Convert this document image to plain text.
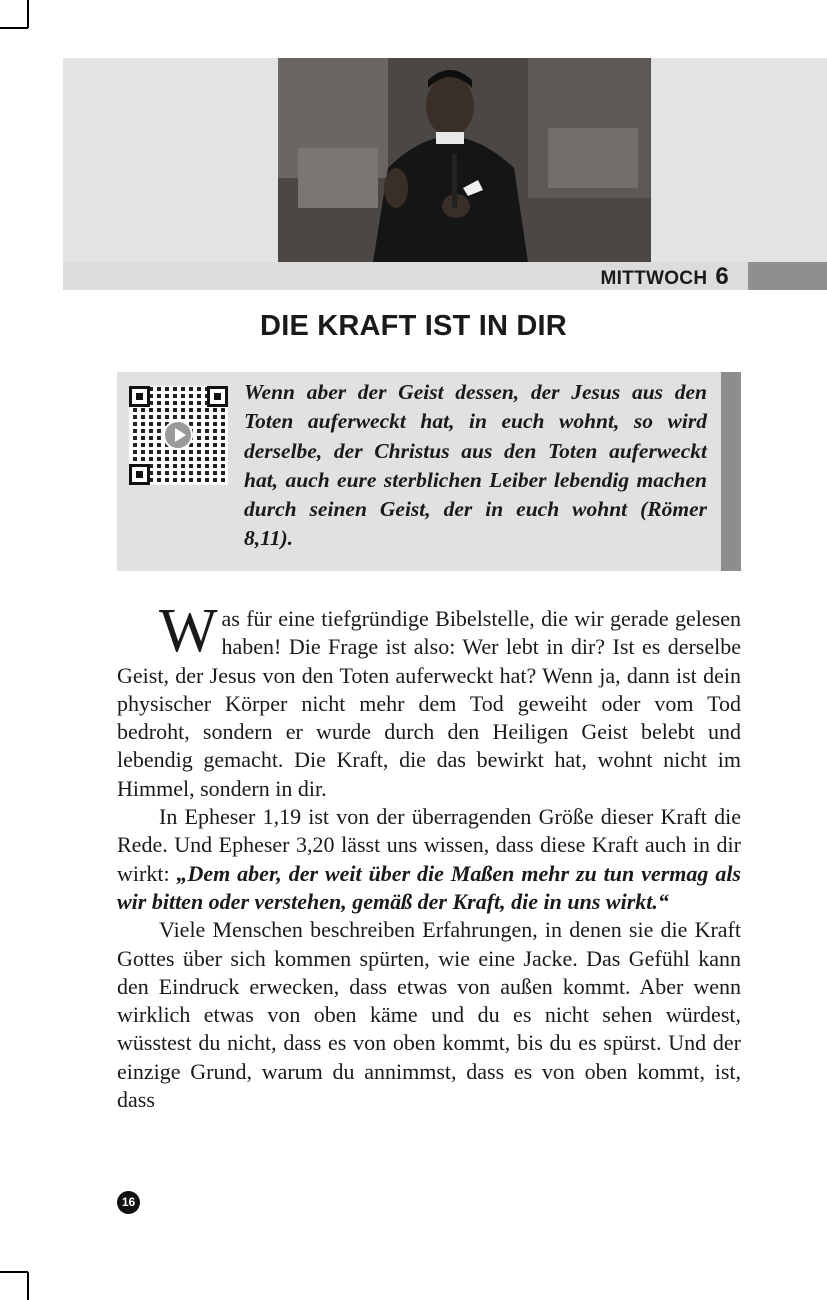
MITTWOCH 6
DIE KRAFT IST IN DIR

Wenn aber der Geist dessen, der Jesus aus den Toten auferweckt hat, in euch wohnt, so wird derselbe, der Christus aus den Toten auferweckt hat, auch eure sterblichen Leiber lebendig machen durch seinen Geist, der in euch wohnt (Römer 8,11).

Was für eine tiefgründige Bibelstelle, die wir gerade gelesen haben! Die Frage ist also: Wer lebt in dir? Ist es derselbe Geist, der Jesus von den Toten auferweckt hat? Wenn ja, dann ist dein physischer Körper nicht mehr dem Tod geweiht oder vom Tod bedroht, sondern er wurde durch den Heiligen Geist belebt und lebendig gemacht. Die Kraft, die das bewirkt hat, wohnt nicht im Himmel, sondern in dir.

In Epheser 1,19 ist von der überragenden Größe dieser Kraft die Rede. Und Epheser 3,20 lässt uns wissen, dass diese Kraft auch in dir wirkt: „Dem aber, der weit über die Maßen mehr zu tun vermag als wir bitten oder verstehen, gemäß der Kraft, die in uns wirkt.“

Viele Menschen beschreiben Erfahrungen, in denen sie die Kraft Gottes über sich kommen spürten, wie eine Jacke. Das Gefühl kann den Eindruck erwecken, dass etwas von außen kommt. Aber wenn wirklich etwas von oben käme und du es nicht sehen würdest, wüsstest du nicht, dass es von oben kommt, bis du es spürst. Und der einzige Grund, warum du annimmst, dass es von oben kommt, ist, dass

16
